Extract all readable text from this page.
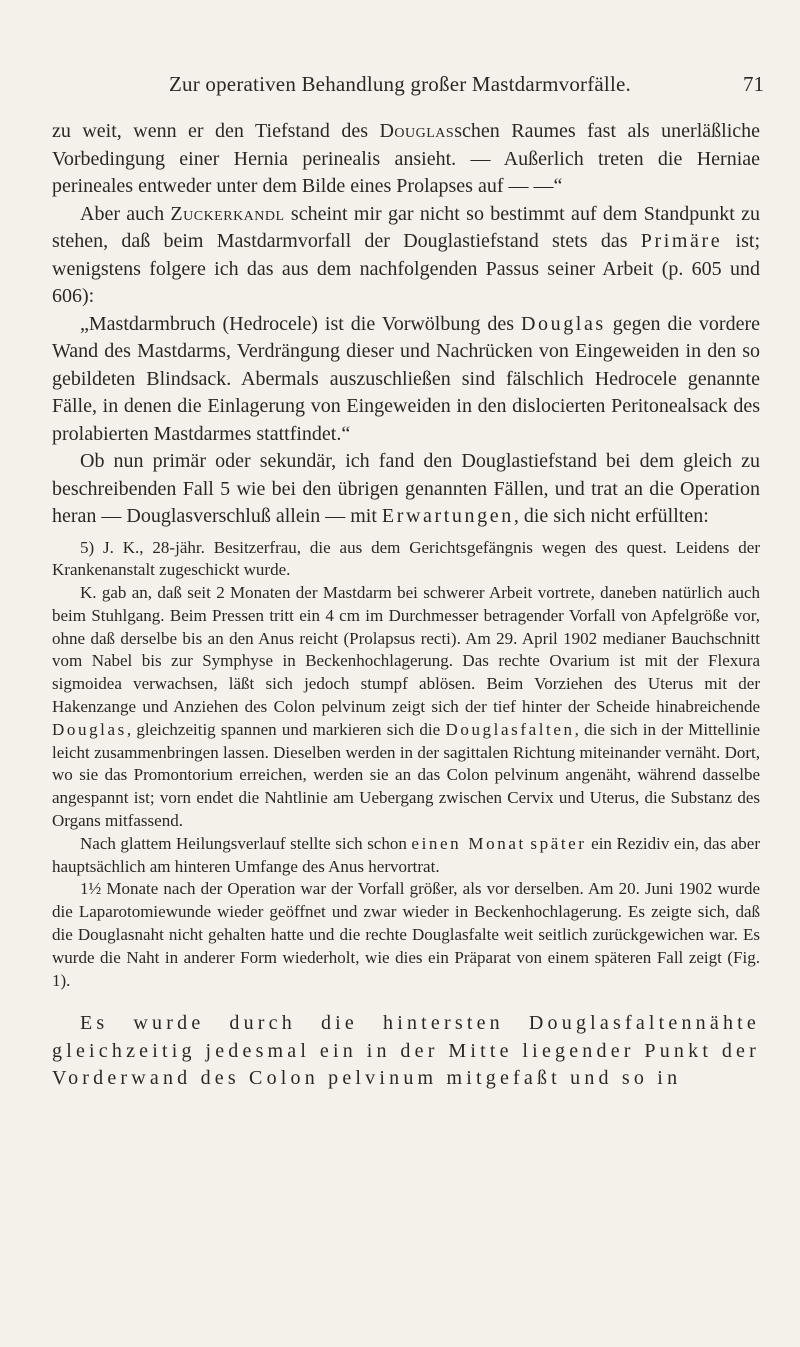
Zur operativen Behandlung großer Mastdarmvorfälle.	71

zu weit, wenn er den Tiefstand des Douglasschen Raumes fast als unerläßliche Vorbedingung einer Hernia perinealis ansieht. — Außerlich treten die Herniae perineales entweder unter dem Bilde eines Prolapses auf — —“

Aber auch Zuckerkandl scheint mir gar nicht so bestimmt auf dem Standpunkt zu stehen, daß beim Mastdarmvorfall der Douglastiefstand stets das Primäre ist; wenigstens folgere ich das aus dem nachfolgenden Passus seiner Arbeit (p. 605 und 606):

„Mastdarmbruch (Hedrocele) ist die Vorwölbung des Douglas gegen die vordere Wand des Mastdarms, Verdrängung dieser und Nachrücken von Eingeweiden in den so gebildeten Blindsack. Abermals auszuschließen sind fälschlich Hedrocele genannte Fälle, in denen die Einlagerung von Eingeweiden in den dislocierten Peritonealsack des prolabierten Mastdarmes stattfindet.“

Ob nun primär oder sekundär, ich fand den Douglastiefstand bei dem gleich zu beschreibenden Fall 5 wie bei den übrigen genannten Fällen, und trat an die Operation heran — Douglasverschluß allein — mit Erwartungen, die sich nicht erfüllten:

5) J. K., 28-jähr. Besitzerfrau, die aus dem Gerichtsgefängnis wegen des quest. Leidens der Krankenanstalt zugeschickt wurde.

K. gab an, daß seit 2 Monaten der Mastdarm bei schwerer Arbeit vortrete, daneben natürlich auch beim Stuhlgang. Beim Pressen tritt ein 4 cm im Durchmesser betragender Vorfall von Apfelgröße vor, ohne daß derselbe bis an den Anus reicht (Prolapsus recti). Am 29. April 1902 medianer Bauchschnitt vom Nabel bis zur Symphyse in Beckenhochlagerung. Das rechte Ovarium ist mit der Flexura sigmoidea verwachsen, läßt sich jedoch stumpf ablösen. Beim Vorziehen des Uterus mit der Hakenzange und Anziehen des Colon pelvinum zeigt sich der tief hinter der Scheide hinabreichende Douglas, gleichzeitig spannen und markieren sich die Douglasfalten, die sich in der Mittellinie leicht zusammenbringen lassen. Dieselben werden in der sagittalen Richtung miteinander vernäht. Dort, wo sie das Promontorium erreichen, werden sie an das Colon pelvinum angenäht, während dasselbe angespannt ist; vorn endet die Nahtlinie am Uebergang zwischen Cervix und Uterus, die Substanz des Organs mitfassend.

Nach glattem Heilungsverlauf stellte sich schon einen Monat später ein Rezidiv ein, das aber hauptsächlich am hinteren Umfange des Anus hervortrat.

1½ Monate nach der Operation war der Vorfall größer, als vor derselben. Am 20. Juni 1902 wurde die Laparotomiewunde wieder geöffnet und zwar wieder in Beckenhochlagerung. Es zeigte sich, daß die Douglasnaht nicht gehalten hatte und die rechte Douglasfalte weit seitlich zurückgewichen war. Es wurde die Naht in anderer Form wiederholt, wie dies ein Präparat von einem späteren Fall zeigt (Fig. 1).

Es wurde durch die hintersten Douglasfaltennähte gleichzeitig jedesmal ein in der Mitte liegender Punkt der Vorderwand des Colon pelvinum mitgefaßt und so in
